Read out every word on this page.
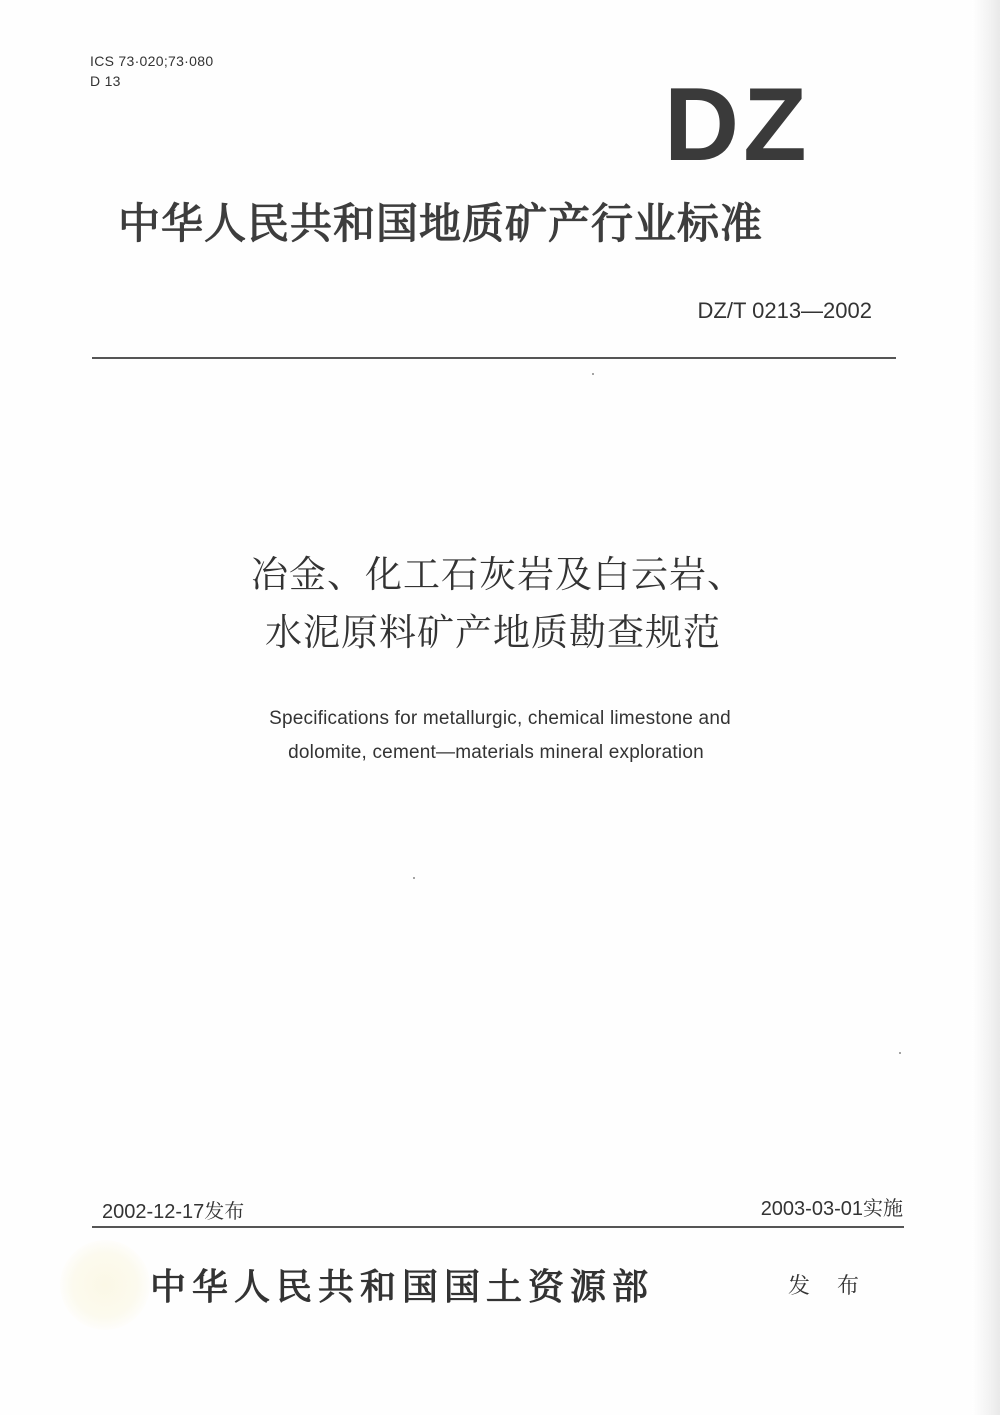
ICS 73·020;73·080
D 13	DZ
中华人民共和国地质矿产行业标准
DZ/T 0213—2002
冶金、化工石灰岩及白云岩、
水泥原料矿产地质勘查规范
Specifications for metallurgic, chemical limestone and
dolomite, cement—materials mineral exploration
2002-12-17发布	2003-03-01实施
中华人民共和国国土资源部	发 布
